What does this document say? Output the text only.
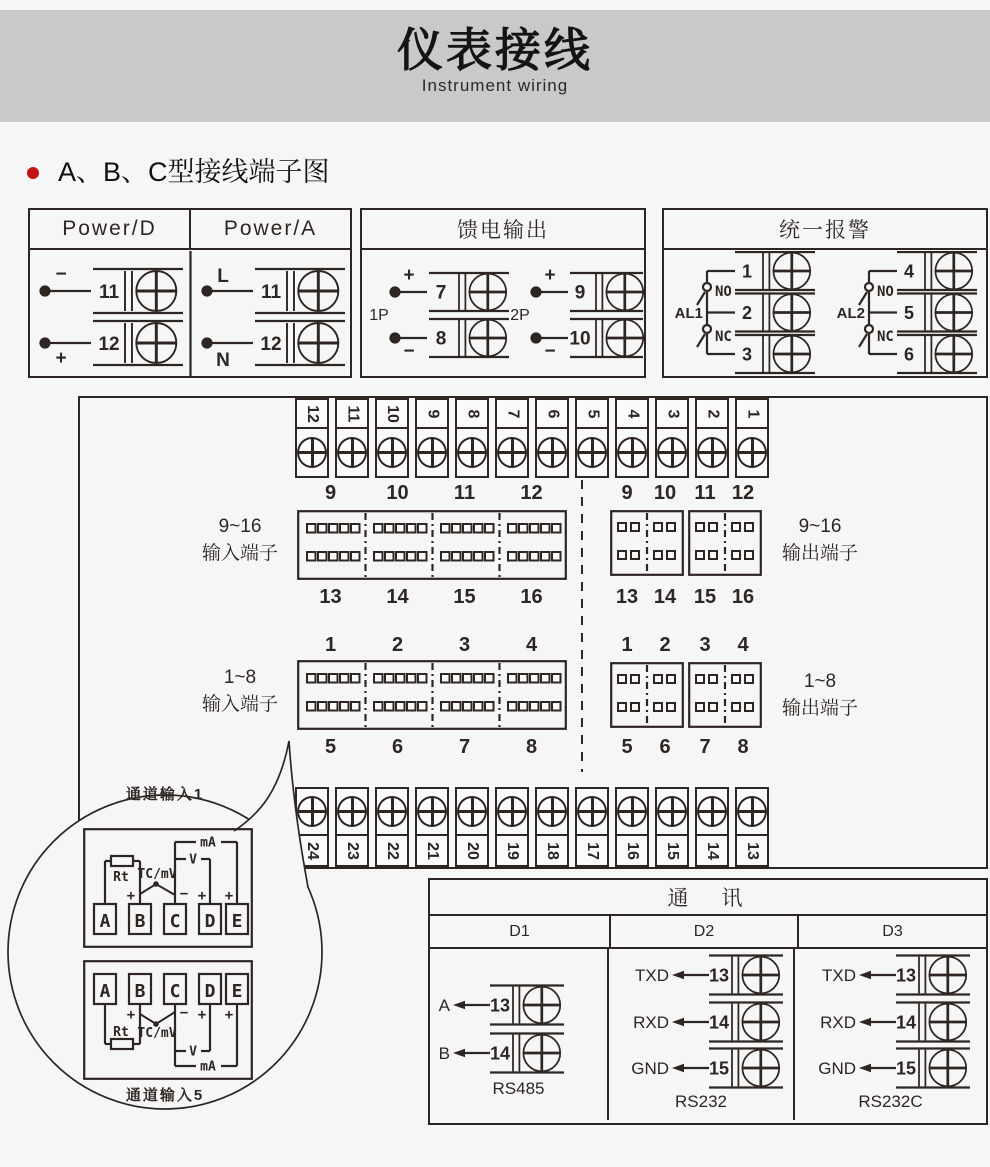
仪表接线
Instrument wiring
A、B、C型接线端子图
Power/D	Power/A
−
11
+
12
L
11
N
12
馈电输出
1P
+
7
−
8
2P
+
9
−
10
统一报警
NO
NC
AL1
1
2
3
NO
NC
AL2
4
5
6
12 11 10 9 8 7 6 5 4 3 2 1
9~16
输入端子
9	10	11	12
13	14	15	16
9	10 11 12
13 14 15 16
9~16
输出端子
1~8
输入端子
1	2	3	4
5	6	7	8
1	2	3	4
5	6	7	8
1~8
输出端子
24 23 22 21 20 19 18 17 16 15 14 13
通道输入1
A B C D E
+	− + +
Rt TC/mV
V
mA
A B C D E
+	− + +
Rt TC/mV
V
mA
通道输入5
通　讯
D1	D2	D3
A 13
B 14
RS485
TXD 13
RXD 14
GND 15
RS232
TXD 13
RXD 14
GND 15
RS232C
